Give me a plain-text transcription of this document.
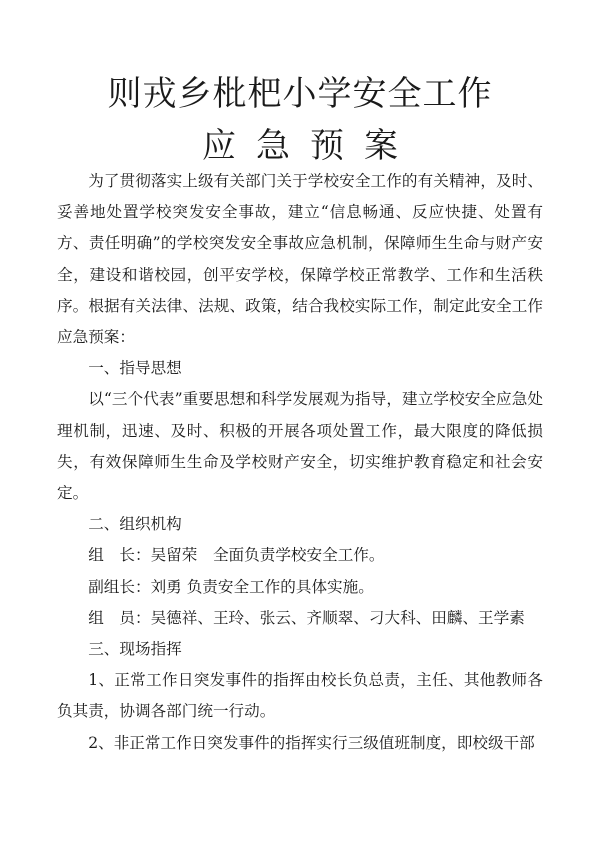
则戎乡枇杷小学安全工作
应急预案

为了贯彻落实上级有关部门关于学校安全工作的有关精神，及时、妥善地处置学校突发安全事故，建立“信息畅通、反应快捷、处置有方、责任明确”的学校突发安全事故应急机制，保障师生生命与财产安全，建设和谐校园，创平安学校，保障学校正常教学、工作和生活秩序。根据有关法律、法规、政策，结合我校实际工作，制定此安全工作应急预案：

一、指导思想

以“三个代表”重要思想和科学发展观为指导，建立学校安全应急处理机制，迅速、及时、积极的开展各项处置工作，最大限度的降低损失，有效保障师生生命及学校财产安全，切实维护教育稳定和社会安定。

二、组织机构

组　长：吴留荣　全面负责学校安全工作。

副组长：刘勇 负责安全工作的具体实施。

组　员：吴德祥、王玲、张云、齐顺翠、刁大科、田麟、王学素

三、现场指挥

1、正常工作日突发事件的指挥由校长负总责，主任、其他教师各负其责，协调各部门统一行动。

2、非正常工作日突发事件的指挥实行三级值班制度，即校级干部
